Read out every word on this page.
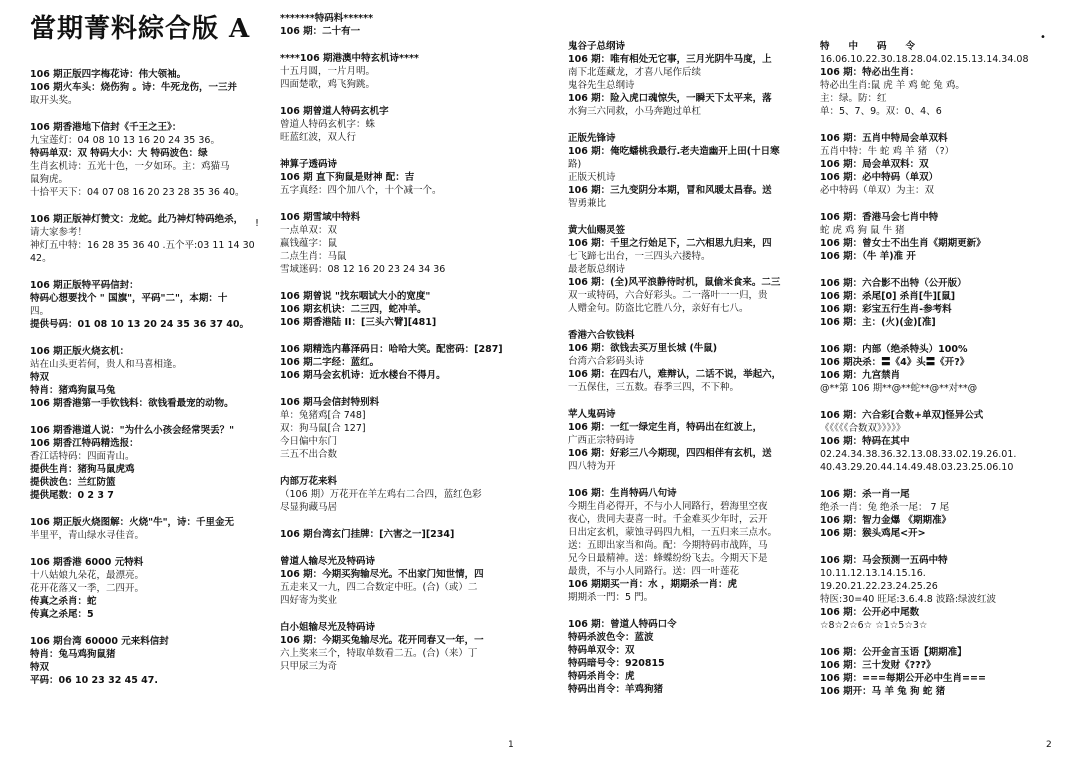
當期菁料綜合版 A
106 期正版四字梅花诗：伟大领袖。
106 期火车头：烧伤狗 。诗：牛死龙伤，一三并
取开头奖。
106 期香港地下信封《千王之王》：
九宝莲灯：04 08 10 13 16 20 24 35 36。
特码单双：双 特码大小：大 特码波色：绿
生肖玄机诗：五光十色，一夕如环。主：鸡猫马
鼠狗虎。
十拾平天下：04 07 08 16 20 23 28 35 36 40。
106 期正版神灯赞文：龙蛇。此乃神灯特码绝杀，
请大家参考！
神灯五中特：16 28 35 36 40 .五个平:03 11 14 30
42。
106 期正版特平码信封：
特码心想要找个 " 国旗"，平码"二"，本期：十
四。
提供号码：01 08 10 13 20 24 35 36 37 40。
106 期正版火烧玄机：
站在山头更若何，贵人和马喜相逢。
特双
特肖：猪鸡狗鼠马兔
106 期香港第一手钦钱料：欲钱看最宠的动物。
106 期香港道人说："为什么小孩会经常哭丢？"
106 期香江特码精选报：
香江话特码：四面青山。
提供生肖：猪狗马鼠虎鸡
提供波色：兰红防篮
提供尾数：0 2 3 7
106 期正版火烧图解：火烧"牛"，诗：千里金无
半里平，青山绿水寻佳音。
106 期香港 6000 元特料
十八姑娘九朵花，最漂亮。
花开花落又一季，二四开。
传真之杀肖：蛇
传真之杀尾：5
106 期台湾 60000 元来料信封
特肖：兔马鸡狗鼠猪
特双
平码：06 10 23 32 45 47.
*******特码料******
106 期：二十有一
****106 期港澳中特玄机诗****
十五月圆，一片月明。
四面楚歌，鸡飞狗跳。
106 期曾道人特码玄机字
曾道人特码玄机字：蛛
旺蓝红波，双人行
神算子透码诗
106 期 直下狗鼠是财神 配：吉
五字真经：四个加八个，十个减一个。
106 期雪域中特料
一点单双：双
赢钱蕴字：鼠
二点生肖：马鼠
雪域迷码：08 12 16 20 23 24 34 36
106 期曾说 "找东咽试大小的宽度"
106 期玄机诀：二三四，蛇冲羊。
106 期香港陆 II：[三头六臂][481]
106 期精选内幕泽码日：哈哈大笑。配密码：[287]
106 期二字经：蓝红。
106 期马会玄机诗：近水楼台不得月。
106 期马会信封特别料
单：兔猪鸡[合 748]
双：狗马鼠[合 127]
今日偏中东门
三五不出合数
内部万花来料
（106 期）万花开在羊左鸡右二合四，蓝红色彩
尽显狗藏马居
106 期台湾玄门挂牌：[六害之一][234]
曾道人输尽光及特码诗
106 期：今期买狗输尽光。不出家门知世情，四
五走来又一九，四二合数定中旺。(合)（或）二
四好寄为奖业
白小姐输尽光及特码诗
106 期：今期买兔输尽光。花开同春又一年，一
六上奖来三个，特取单数看二五。(合)（来）丁
只甲尿三为奇
鬼谷子总纲诗
106 期：唯有相处无它事，三月光阴牛马度，上
南下北莲藏龙，才喜八尾作后续
鬼谷先生总纲诗
106 期：险入虎口魂惊失，一瞬天下太平来，落
水狗三六同救，小马奔跑过单杠
正版先锋诗
106 期：俺吃蟠桃我最行.老夫造幽开上田(十日寒
路)
正版天机诗
106 期：三九变阴分本期，冒和风暖太昌春。送
智勇兼比
黄大仙赐灵签
106 期：千里之行始足下，二六相思九归来，四
七飞蹄七出台，一三四头六搂特。
最老版总纲诗
106 期：(全)风平浪静待时机，鼠偷米食来。二三
双一或特码，六合好彩头。二一落叶一一归，贵
人赠金句。防盗比它胜八分，亲好有七八。
香港六合钦钱料
106 期：欲钱去买万里长城 (牛鼠)
台湾六合彩码头诗
106 期：在四右八，难辩认，二话不说，举起六，
一五保住，三五数。春季三四，不下种。
苹人鬼码诗
106 期：一红一绿定生肖，特码出在红波上，
广西正宗特码诗
106 期：好彩三八今期现，四四相伴有玄机，送
四八特为开
106 期：生肖特码八句诗
今期生肖必得开，不与小人同路行，碧海里空夜
夜心，贵同夫妻喜一时。千金难买少年时，云开
日出定玄机，蒙蚀寻码四九相，一五归来三点水。
送：五即出家当和尚。配：今期特码市战阵，马
兄今日最精神。送：蜂蝶纷纷飞去。今期天下是
最贵，不与小人同路行。送：四一叶莲花
106 期期买一肖：水 ，期期杀一肖：虎
期期杀一門：5 門。
106 期：曾道人特码口令
特码杀波色令：蓝波
特码单双令：双
特码暗号令：920815
特码杀肖令：虎
特码出肖令：羊鸡狗猪
特　　中　　码　　令
16.06.10.22.30.18.28.04.02.15.13.14.34.08
106 期：特必出生肖：
特必出生肖:鼠 虎 羊 鸡 蛇 兔 鸡。
主：绿。防：红
单：5、7、9。双：0、4、6
106 期：五肖中特局会单双料
五肖中特：牛 蛇 鸡 羊 猪 （?）
106 期：局会单双料：双
106 期：必中特码（单双）
必中特码（单双）为主：双
106 期：香港马会七肖中特
蛇 虎 鸡 狗 鼠 牛 猪
106 期：曾女士不出生肖《期期更新》
106 期：（牛 羊)准 开
106 期：六合影不出特（公开版）
106 期：杀尾[0] 杀肖[牛][鼠]
106 期：彩宝五行生肖-参考料
106 期：主：(火)(金)[准]
106 期：内部（绝杀特头）100%
106 期决杀：〓《4》头〓《开?》
106 期：九宫禁肖
@**第 106 期**@**蛇**@**对**@
106 期：六合彩[合数+单双]怪异公式
《《《《《合数双》》》》》
106 期：特码在其中
02.24.34.38.36.32.13.08.33.02.19.26.01.
40.43.29.20.44.14.49.48.03.23.25.06.10
106 期：杀一肖一尾
绝杀一肖：兔 绝杀一尾： 7 尾
106 期：智力金爆 《期期准》
106 期：猴头鸡尾<开>
106 期：马会预测一五码中特
10.11.12.13.14.15.16.
19.20.21.22.23.24.25.26
特医:30=40 旺尾:3.6.4.8 波路:绿波红波
106 期：公开必中尾数
☆8☆2☆6☆ ☆1☆5☆3☆
106 期：公开金言玉语【期期准】
106 期：三十发财《???》
106 期：===每期公开必中生肖===
106 期开：马 羊 兔 狗 蛇 猪
!
•
1	2
